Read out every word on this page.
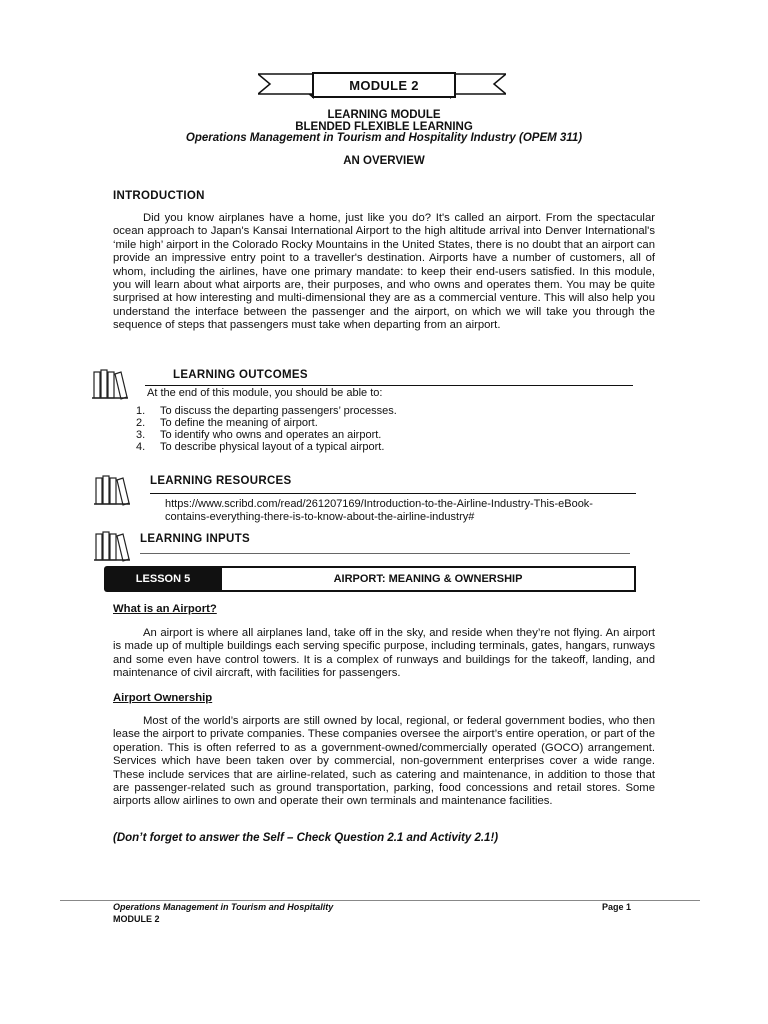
MODULE 2
LEARNING MODULE
BLENDED FLEXIBLE LEARNING
Operations Management in Tourism and Hospitality Industry (OPEM 311)
AN OVERVIEW
INTRODUCTION
Did you know airplanes have a home, just like you do? It's called an airport. From the spectacular ocean approach to Japan's Kansai International Airport to the high altitude arrival into Denver International's ‘mile high’ airport in the Colorado Rocky Mountains in the United States, there is no doubt that an airport can provide an impressive entry point to a traveller's destination. Airports have a number of customers, all of whom, including the airlines, have one primary mandate: to keep their end-users satisfied. In this module, you will learn about what airports are, their purposes, and who owns and operates them. You may be quite surprised at how interesting and multi-dimensional they are as a commercial venture. This will also help you understand the interface between the passenger and the airport, on which we will take you through the sequence of steps that passengers must take when departing from an airport.
LEARNING OUTCOMES
At the end of this module, you should be able to:
1.	To discuss the departing passengers’ processes.
2.	To define the meaning of airport.
3.	To identify who owns and operates an airport.
4.	To describe physical layout of a typical airport.
LEARNING RESOURCES
https://www.scribd.com/read/261207169/Introduction-to-the-Airline-Industry-This-eBook-
contains-everything-there-is-to-know-about-the-airline-industry#
LEARNING INPUTS
LESSON 5	AIRPORT: MEANING & OWNERSHIP
What is an Airport?
An airport is where all airplanes land, take off in the sky, and reside when they’re not flying. An airport is made up of multiple buildings each serving specific purpose, including terminals, gates, hangars, runways and some even have control towers. It is a complex of runways and buildings for the takeoff, landing, and maintenance of civil aircraft, with facilities for passengers.
Airport Ownership
Most of the world’s airports are still owned by local, regional, or federal government bodies, who then lease the airport to private companies. These companies oversee the airport’s entire operation, or part of the operation. This is often referred to as a government-owned/commercially operated (GOCO) arrangement. Services which have been taken over by commercial, non-government enterprises cover a wide range. These include services that are airline-related, such as catering and maintenance, in addition to those that are passenger-related such as ground transportation, parking, food concessions and retail stores. Some airports allow airlines to own and operate their own terminals and maintenance facilities.
(Don’t forget to answer the Self – Check Question 2.1 and Activity 2.1!)
Operations Management in Tourism and Hospitality	Page 1
MODULE 2
